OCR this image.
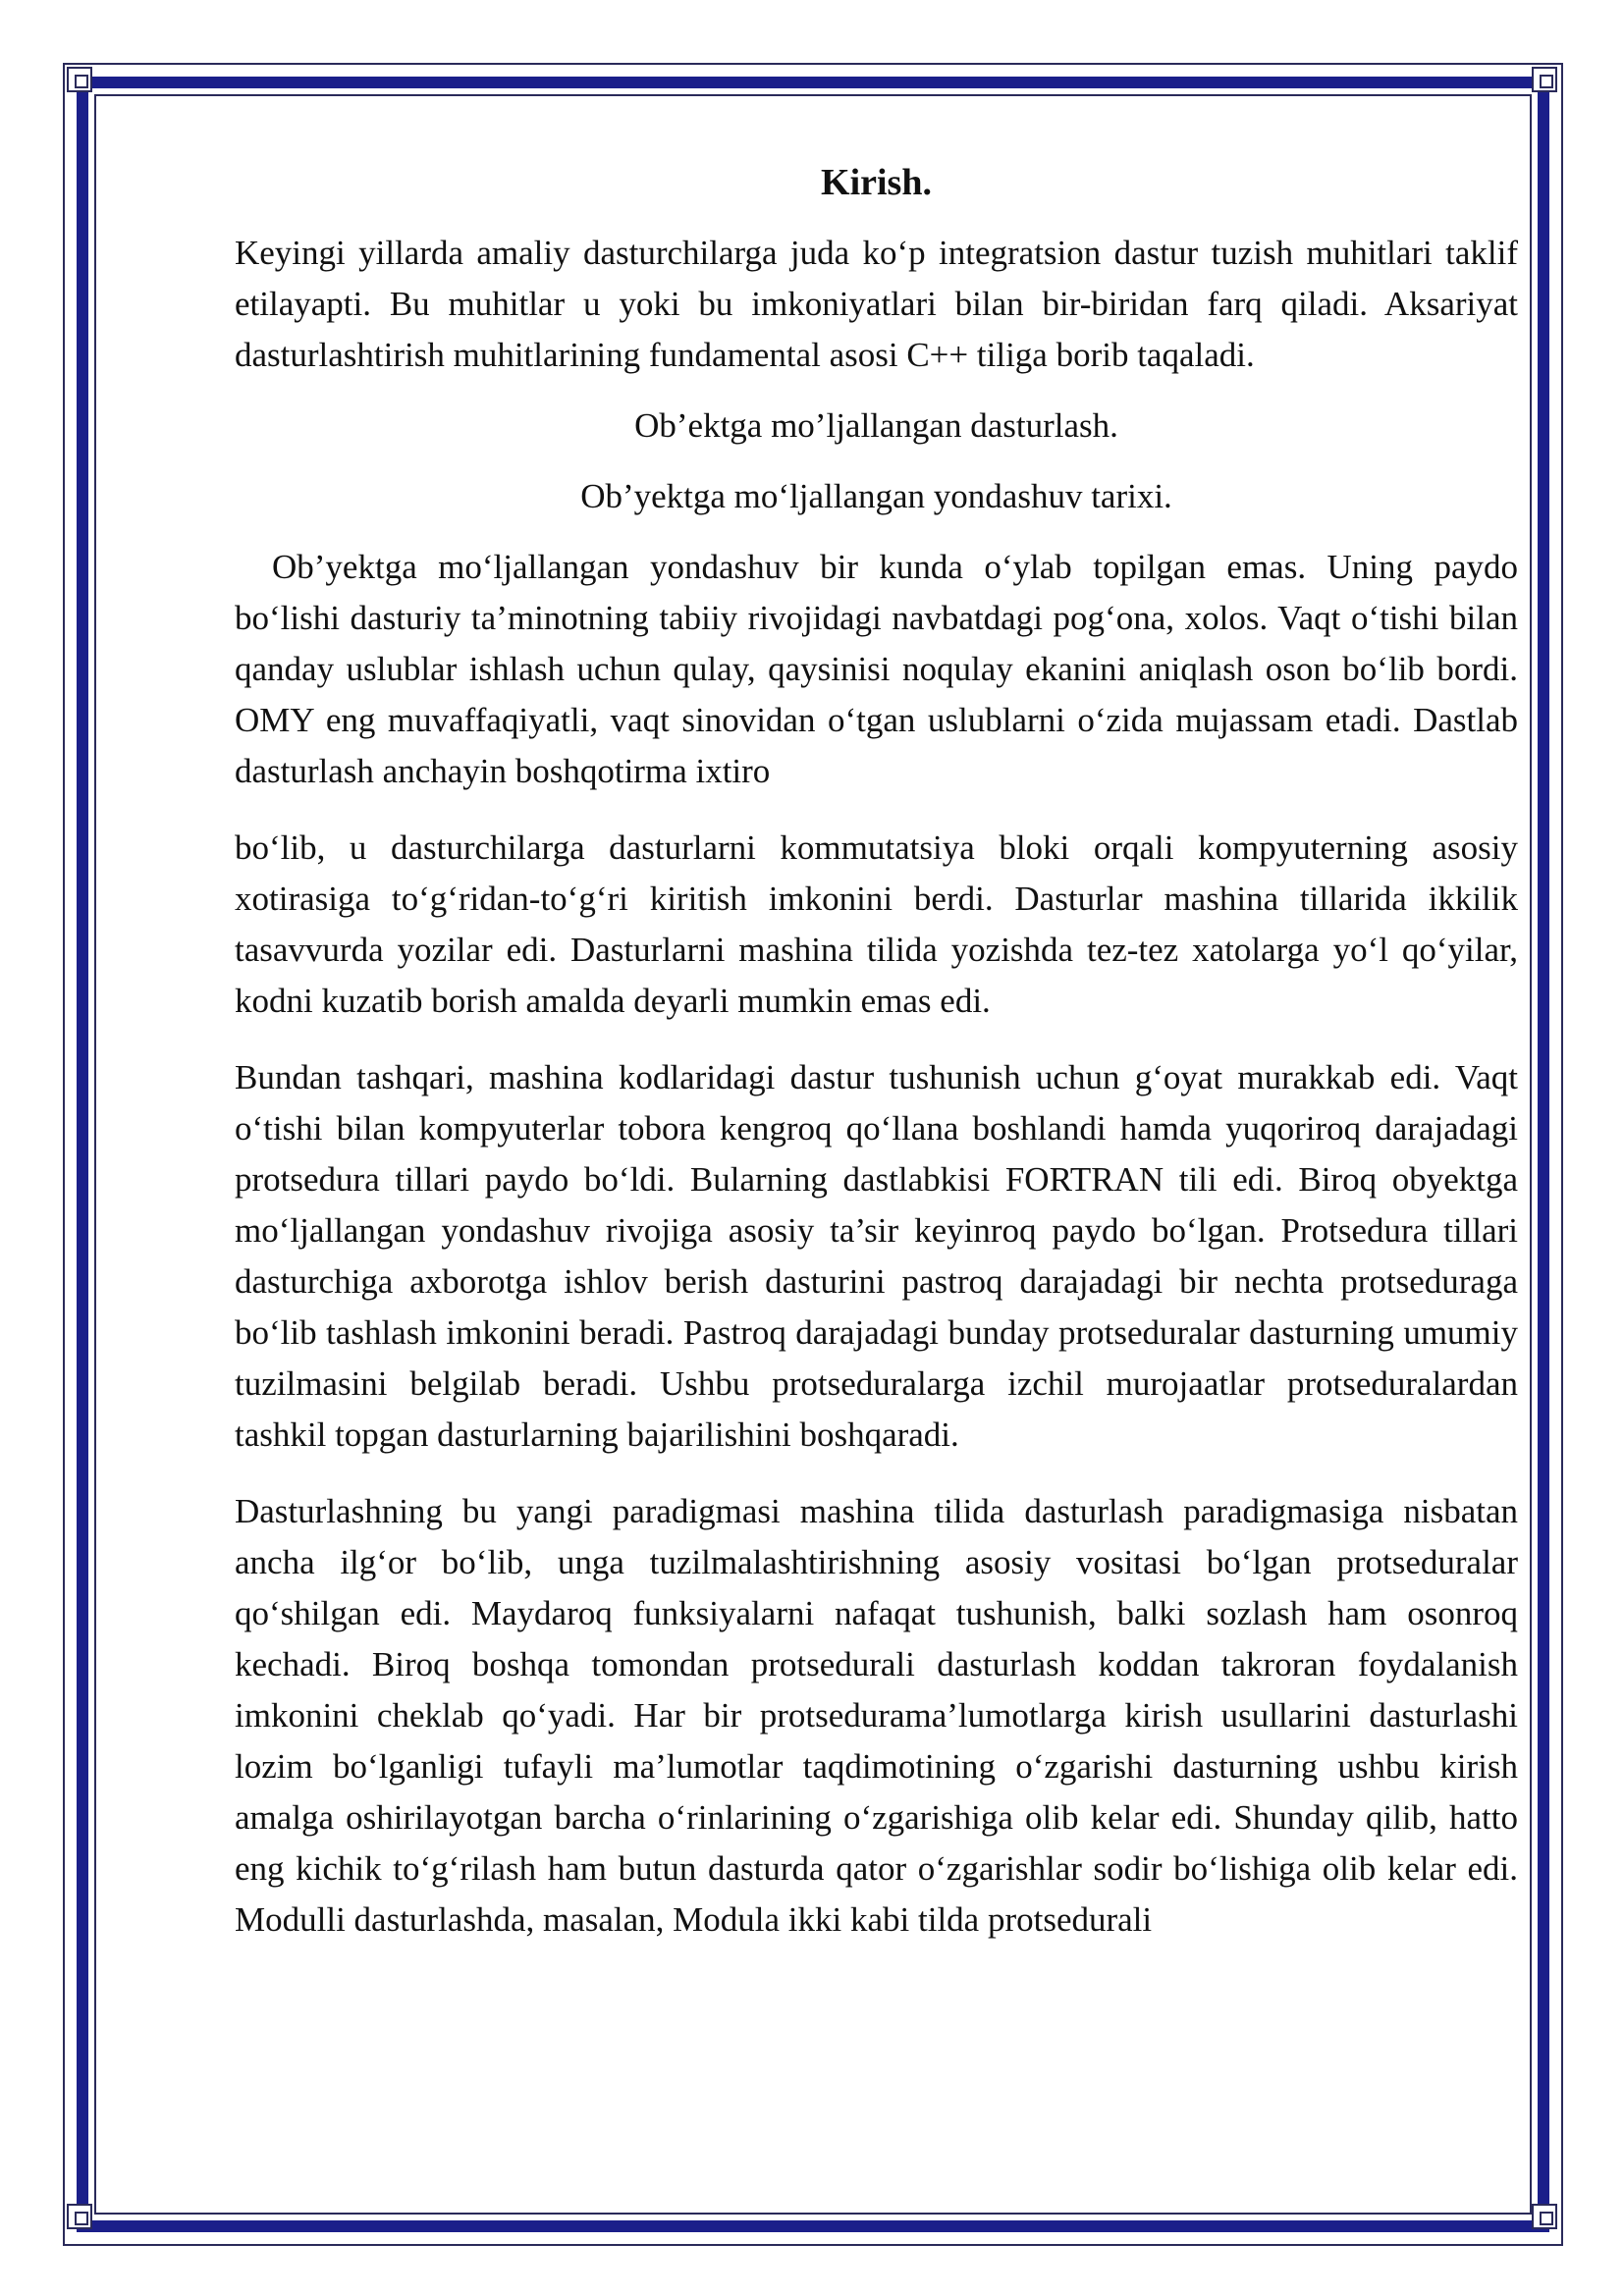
Kirish.

Keyingi yillarda amaliy dasturchilarga juda ko‘p integratsion dastur tuzish muhitlari taklif etilayapti. Bu muhitlar u yoki bu imkoniyatlari bilan bir-biridan farq qiladi. Aksariyat dasturlashtirish muhitlarining fundamental asosi C++ tiliga borib taqaladi.

Ob’ektga mo’ljallangan dasturlash.

Ob’yektga mo‘ljallangan yondashuv tarixi.

Ob’yektga mo‘ljallangan yondashuv bir kunda o‘ylab topilgan emas. Uning paydo bo‘lishi dasturiy ta’minotning tabiiy rivojidagi navbatdagi pog‘ona, xolos. Vaqt o‘tishi bilan qanday uslublar ishlash uchun qulay, qaysinisi noqulay ekanini aniqlash oson bo‘lib bordi. OMY eng muvaffaqiyatli, vaqt sinovidan o‘tgan uslublarni o‘zida mujassam etadi. Dastlab dasturlash anchayin boshqotirma ixtiro

bo‘lib, u dasturchilarga dasturlarni kommutatsiya bloki orqali kompyuterning asosiy xotirasiga to‘g‘ridan-to‘g‘ri kiritish imkonini berdi. Dasturlar mashina tillarida ikkilik tasavvurda yozilar edi. Dasturlarni mashina tilida yozishda tez-tez xatolarga yo‘l qo‘yilar, kodni kuzatib borish amalda deyarli mumkin emas edi.

Bundan tashqari, mashina kodlaridagi dastur tushunish uchun g‘oyat murakkab edi. Vaqt o‘tishi bilan kompyuterlar tobora kengroq qo‘llana boshlandi hamda yuqoriroq darajadagi protsedura tillari paydo bo‘ldi. Bularning dastlabkisi FORTRAN tili edi. Biroq obyektga mo‘ljallangan yondashuv rivojiga asosiy ta’sir keyinroq paydo bo‘lgan. Protsedura tillari dasturchiga axborotga ishlov berish dasturini pastroq darajadagi bir nechta protseduraga bo‘lib tashlash imkonini beradi. Pastroq darajadagi bunday protseduralar dasturning umumiy tuzilmasini belgilab beradi. Ushbu protseduralarga izchil murojaatlar protseduralardan tashkil topgan dasturlarning bajarilishini boshqaradi.

Dasturlashning bu yangi paradigmasi mashina tilida dasturlash paradigmasiga nisbatan ancha ilg‘or bo‘lib, unga tuzilmalashtirishning asosiy vositasi bo‘lgan protseduralar qo‘shilgan edi. Maydaroq funksiyalarni nafaqat tushunish, balki sozlash ham osonroq kechadi. Biroq boshqa tomondan protsedurali dasturlash koddan takroran foydalanish imkonini cheklab qo‘yadi. Har bir protsedurama’lumotlarga kirish usullarini dasturlashi lozim bo‘lganligi tufayli ma’lumotlar taqdimotining o‘zgarishi dasturning ushbu kirish amalga oshirilayotgan barcha o‘rinlarining o‘zgarishiga olib kelar edi. Shunday qilib, hatto eng kichik to‘g‘rilash ham butun dasturda qator o‘zgarishlar sodir bo‘lishiga olib kelar edi. Modulli dasturlashda, masalan, Modula ikki kabi tilda protsedurali
